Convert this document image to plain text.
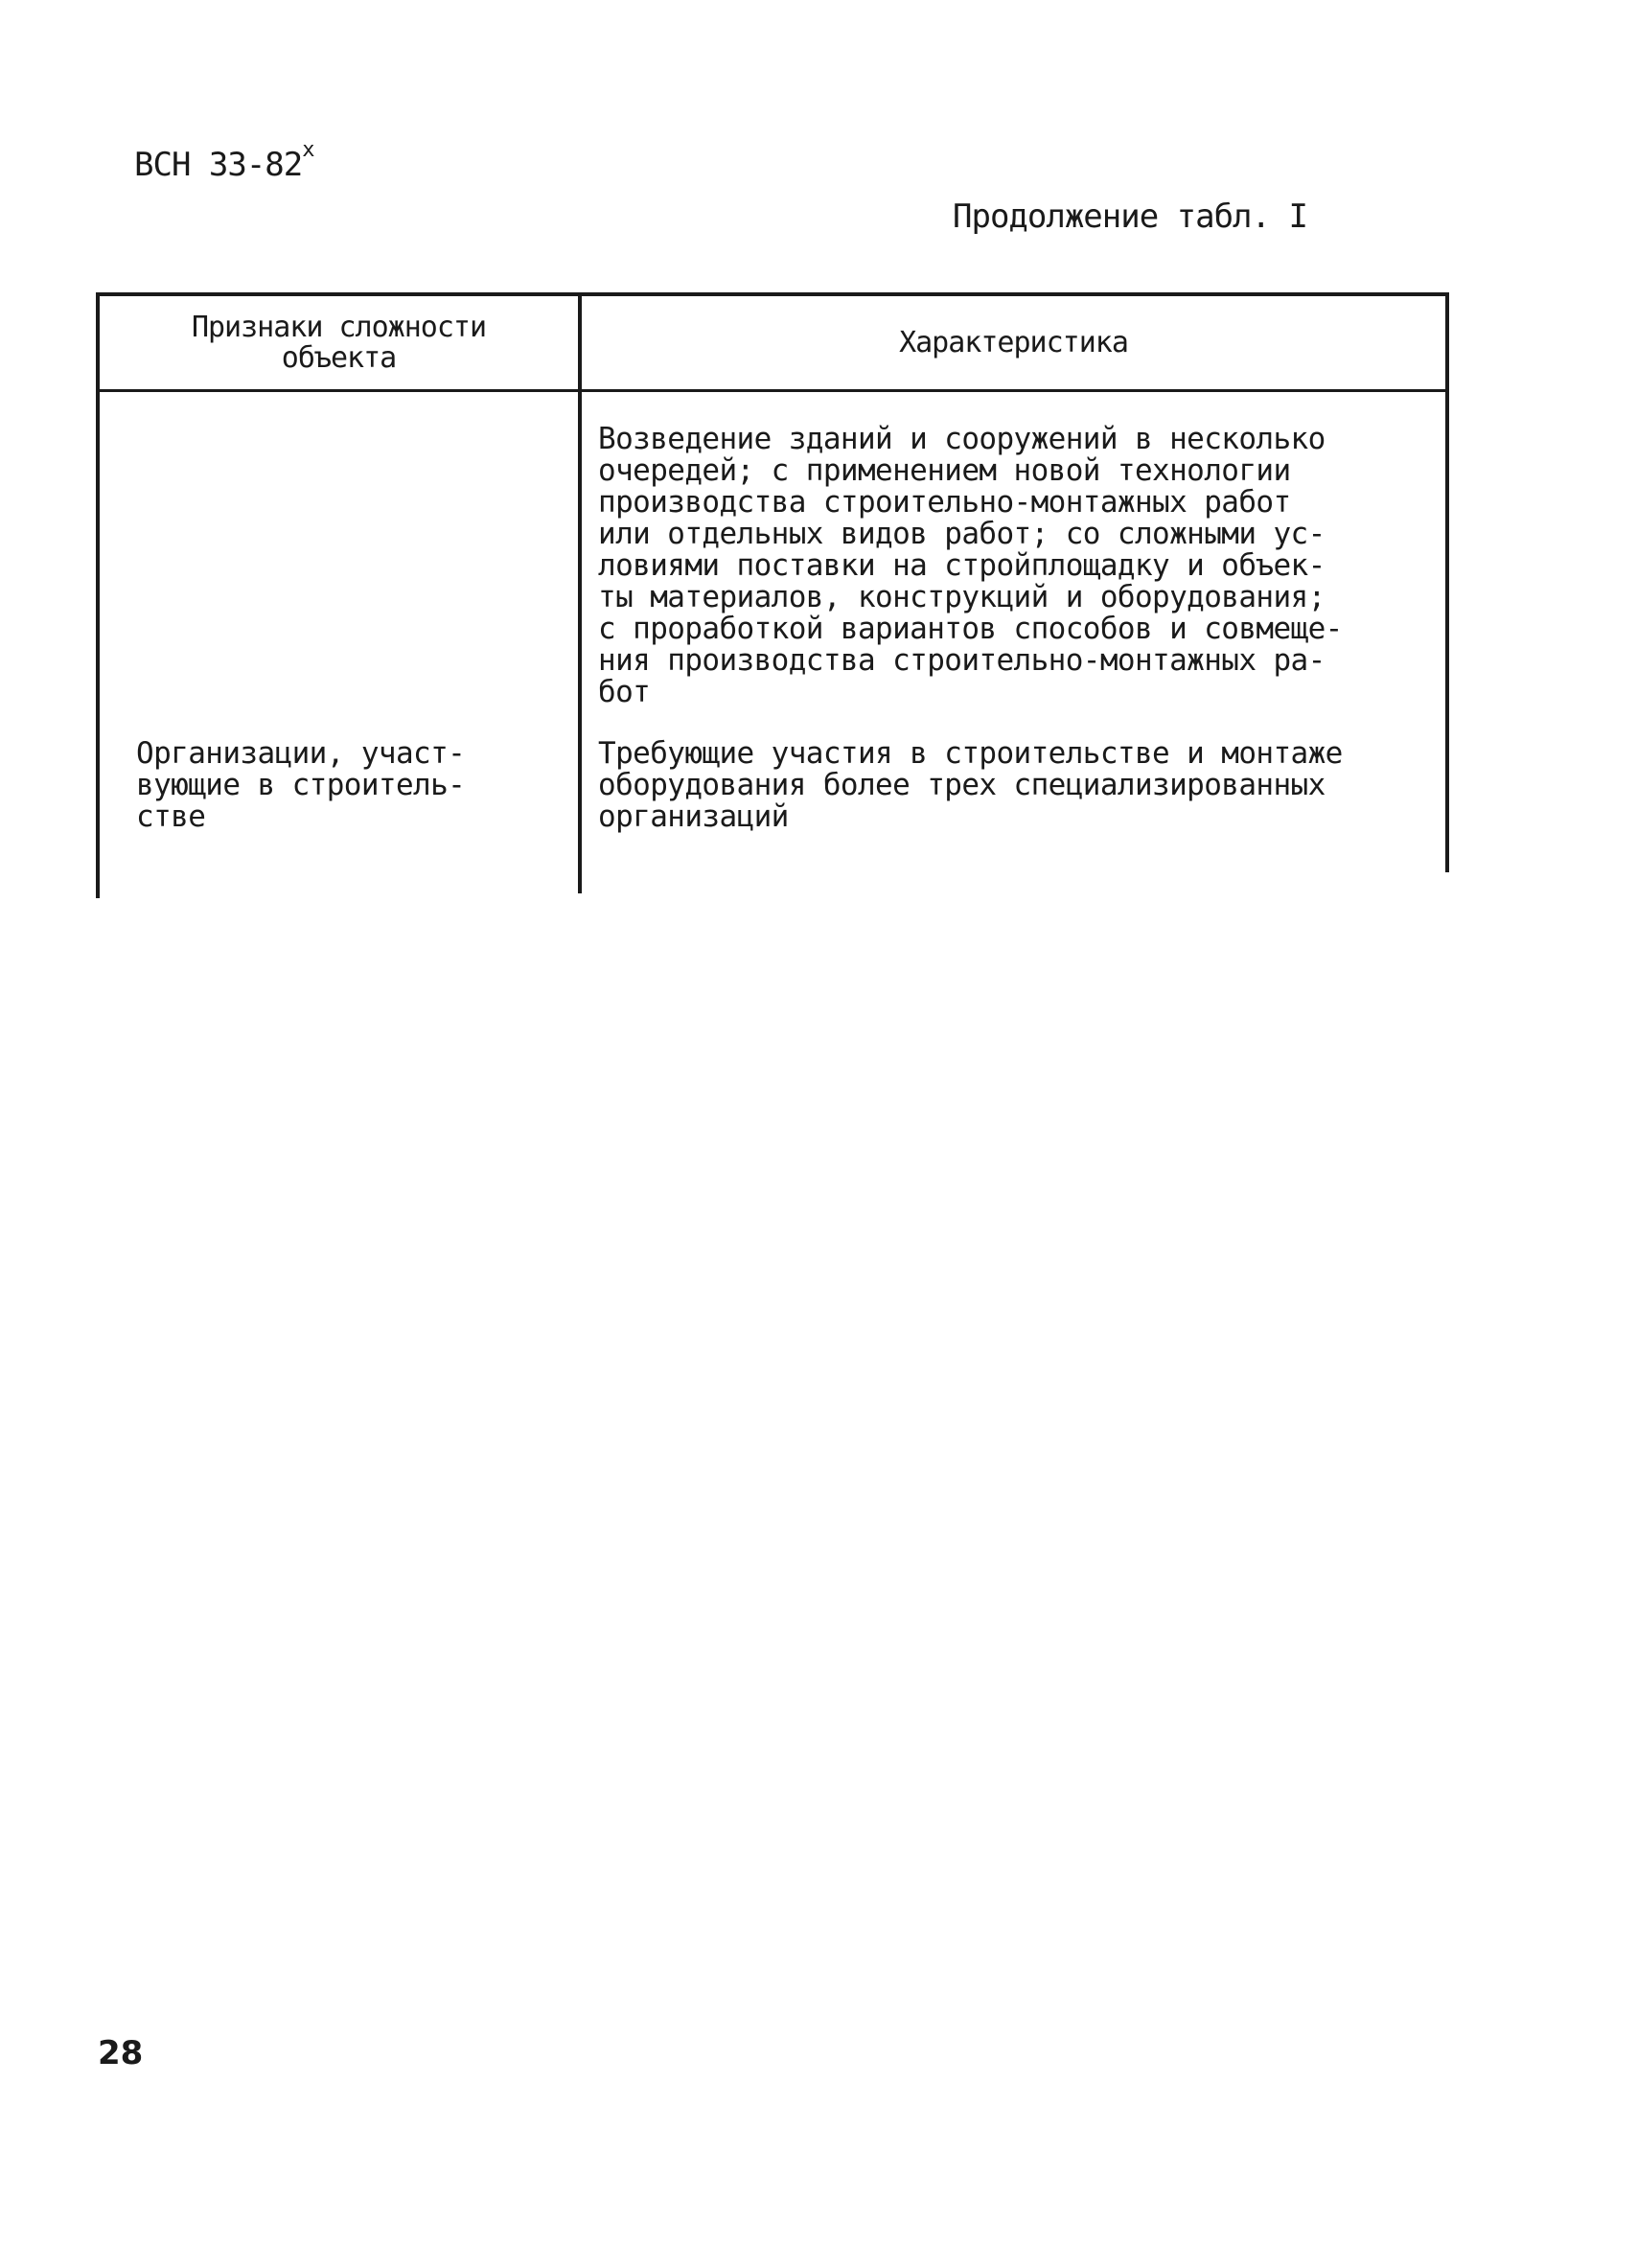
ВСН 33-82$^x$
Продолжение табл. I
Признаки сложности
объекта	Характеристика
Возведение зданий и сооружений в несколько
очередей; с применением новой технологии
производства строительно-монтажных работ
или отдельных видов работ; со сложными ус-
ловиями поставки на стройплощадку и объек-
ты материалов, конструкций и оборудования;
с проработкой вариантов способов и совмеще-
ния производства строительно-монтажных ра-
бот
Организации, участ-
вующие в строитель-
стве
Требующие участия в строительстве и монтаже
оборудования более трех специализированных
организаций
28
